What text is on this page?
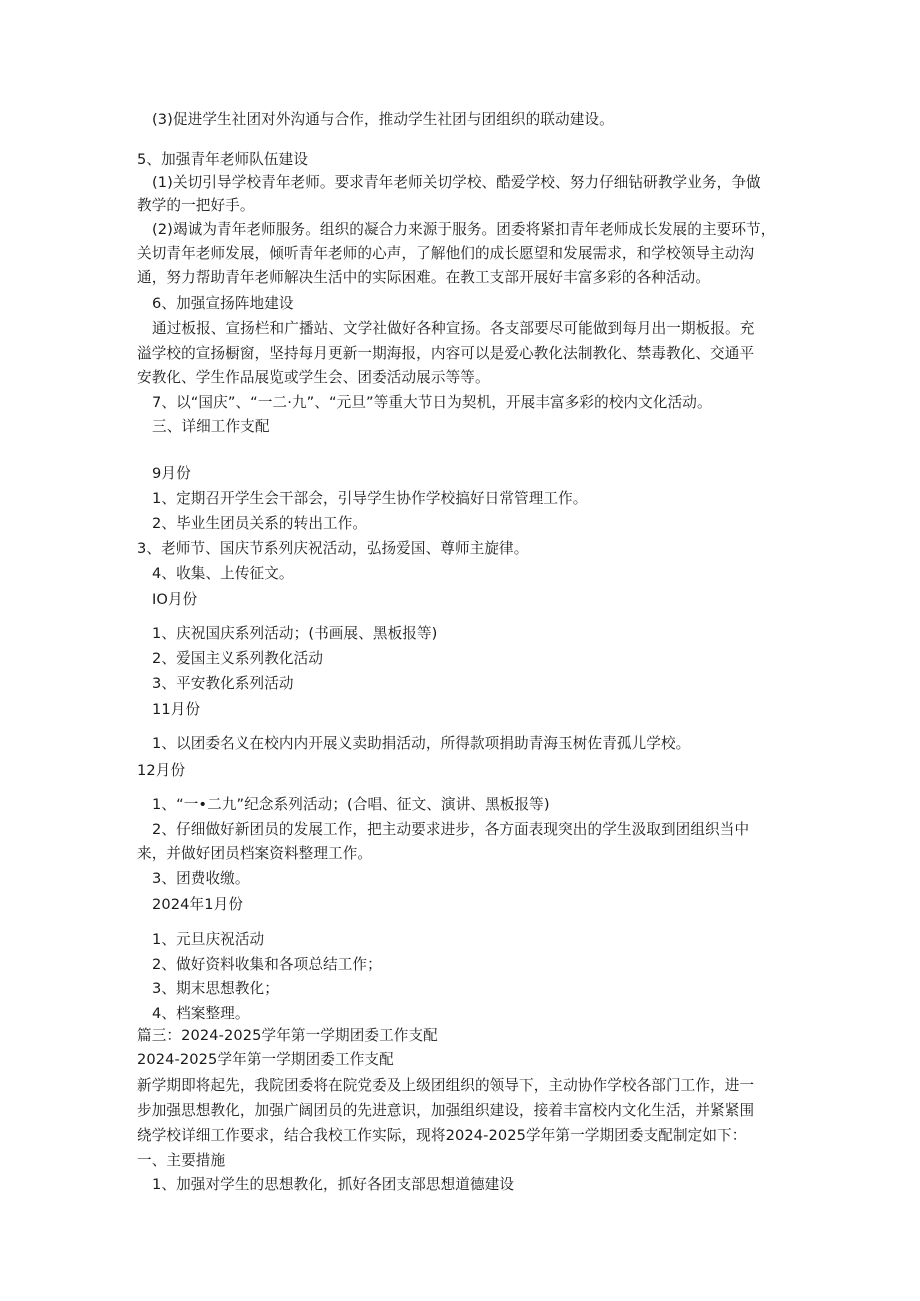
(3)促进学生社团对外沟通与合作，推动学生社团与团组织的联动建设。
5、加强青年老师队伍建设
(1)关切引导学校青年老师。要求青年老师关切学校、酷爱学校、努力仔细钻研教学业务，争做
教学的一把好手。
(2)竭诚为青年老师服务。组织的凝合力来源于服务。团委将紧扣青年老师成长发展的主要环节，
关切青年老师发展，倾听青年老师的心声，了解他们的成长愿望和发展需求，和学校领导主动沟
通，努力帮助青年老师解决生活中的实际困难。在教工支部开展好丰富多彩的各种活动。
6、加强宣扬阵地建设
通过板报、宣扬栏和广播站、文学社做好各种宣扬。各支部要尽可能做到每月出一期板报。充
溢学校的宣扬橱窗，坚持每月更新一期海报，内容可以是爱心教化法制教化、禁毒教化、交通平
安教化、学生作品展览或学生会、团委活动展示等等。
7、以“国庆”、“一二·九”、“元旦”等重大节日为契机，开展丰富多彩的校内文化活动。
三、详细工作支配
9月份
1、定期召开学生会干部会，引导学生协作学校搞好日常管理工作。
2、毕业生团员关系的转出工作。
3、老师节、国庆节系列庆祝活动，弘扬爱国、尊师主旋律。
4、收集、上传征文。
IO月份
1、庆祝国庆系列活动；(书画展、黑板报等)
2、爱国主义系列教化活动
3、平安教化系列活动
11月份
1、以团委名义在校内内开展义卖助捐活动，所得款项捐助青海玉树佐青孤儿学校。
12月份
1、“一•二九”纪念系列活动；(合唱、征文、演讲、黑板报等)
2、仔细做好新团员的发展工作，把主动要求进步，各方面表现突出的学生汲取到团组织当中
来，并做好团员档案资料整理工作。
3、团费收缴。
2024年1月份
1、元旦庆祝活动
2、做好资料收集和各项总结工作；
3、期末思想教化；
4、档案整理。
篇三：2024-2025学年第一学期团委工作支配
2024-2025学年第一学期团委工作支配
新学期即将起先，我院团委将在院党委及上级团组织的领导下，主动协作学校各部门工作，进一
步加强思想教化，加强广阔团员的先进意识，加强组织建设，接着丰富校内文化生活，并紧紧围
绕学校详细工作要求，结合我校工作实际，现将2024-2025学年第一学期团委支配制定如下：
一、主要措施
1、加强对学生的思想教化，抓好各团支部思想道德建设
